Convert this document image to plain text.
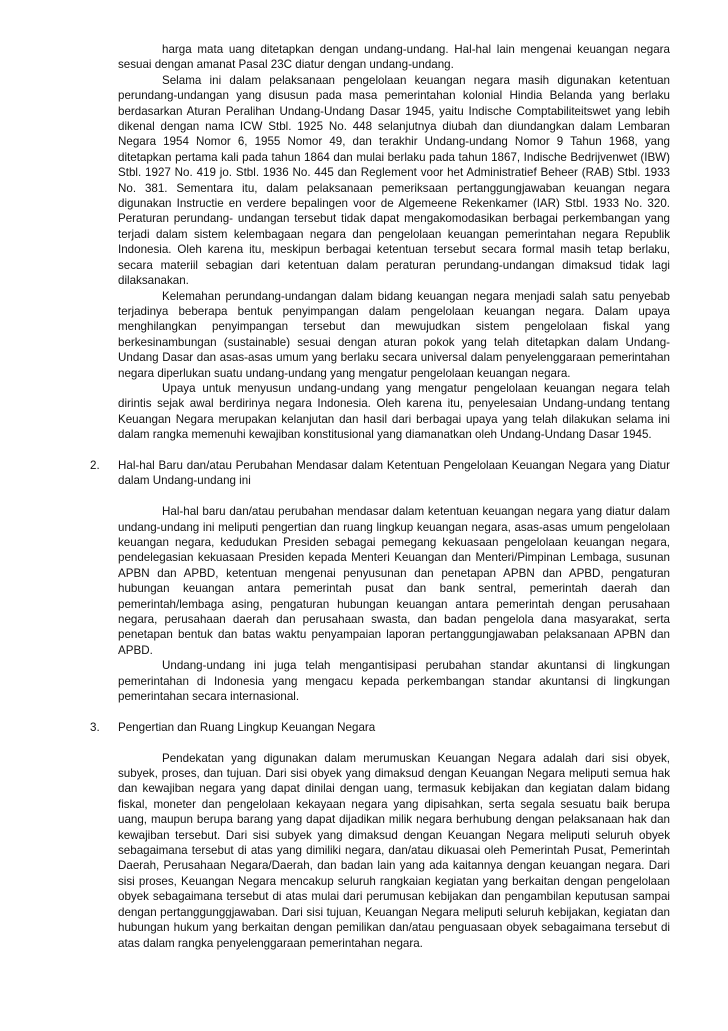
harga mata uang ditetapkan dengan undang-undang. Hal-hal lain mengenai keuangan negara sesuai dengan amanat Pasal 23C diatur dengan undang-undang.

Selama ini dalam pelaksanaan pengelolaan keuangan negara masih digunakan ketentuan perundang-undangan yang disusun pada masa pemerintahan kolonial Hindia Belanda yang berlaku berdasarkan Aturan Peralihan Undang-Undang Dasar 1945, yaitu Indische Comptabiliteitswet yang lebih dikenal dengan nama ICW Stbl. 1925 No. 448 selanjutnya diubah dan diundangkan dalam Lembaran Negara 1954 Nomor 6, 1955 Nomor 49, dan terakhir Undang-undang Nomor 9 Tahun 1968, yang ditetapkan pertama kali pada tahun 1864 dan mulai berlaku pada tahun 1867, Indische Bedrijvenwet (IBW) Stbl. 1927 No. 419 jo. Stbl. 1936 No. 445 dan Reglement voor het Administratief Beheer (RAB) Stbl. 1933 No. 381. Sementara itu, dalam pelaksanaan pemeriksaan pertanggungjawaban keuangan negara digunakan Instructie en verdere bepalingen voor de Algemeene Rekenkamer (IAR) Stbl. 1933 No. 320. Peraturan perundang- undangan tersebut tidak dapat mengakomodasikan berbagai perkembangan yang terjadi dalam sistem kelembagaan negara dan pengelolaan keuangan pemerintahan negara Republik Indonesia. Oleh karena itu, meskipun berbagai ketentuan tersebut secara formal masih tetap berlaku, secara materiil sebagian dari ketentuan dalam peraturan perundang-undangan dimaksud tidak lagi dilaksanakan.

Kelemahan perundang-undangan dalam bidang keuangan negara menjadi salah satu penyebab terjadinya beberapa bentuk penyimpangan dalam pengelolaan keuangan negara. Dalam upaya menghilangkan penyimpangan tersebut dan mewujudkan sistem pengelolaan fiskal yang berkesinambungan (sustainable) sesuai dengan aturan pokok yang telah ditetapkan dalam Undang-Undang Dasar dan asas-asas umum yang berlaku secara universal dalam penyelenggaraan pemerintahan negara diperlukan suatu undang-undang yang mengatur pengelolaan keuangan negara.

Upaya untuk menyusun undang-undang yang mengatur pengelolaan keuangan negara telah dirintis sejak awal berdirinya negara Indonesia. Oleh karena itu, penyelesaian Undang-undang tentang Keuangan Negara merupakan kelanjutan dan hasil dari berbagai upaya yang telah dilakukan selama ini dalam rangka memenuhi kewajiban konstitusional yang diamanatkan oleh Undang-Undang Dasar 1945.

2. Hal-hal Baru dan/atau Perubahan Mendasar dalam Ketentuan Pengelolaan Keuangan Negara yang Diatur dalam Undang-undang ini

Hal-hal baru dan/atau perubahan mendasar dalam ketentuan keuangan negara yang diatur dalam undang-undang ini meliputi pengertian dan ruang lingkup keuangan negara, asas-asas umum pengelolaan keuangan negara, kedudukan Presiden sebagai pemegang kekuasaan pengelolaan keuangan negara, pendelegasian kekuasaan Presiden kepada Menteri Keuangan dan Menteri/Pimpinan Lembaga, susunan APBN dan APBD, ketentuan mengenai penyusunan dan penetapan APBN dan APBD, pengaturan hubungan keuangan antara pemerintah pusat dan bank sentral, pemerintah daerah dan pemerintah/lembaga asing, pengaturan hubungan keuangan antara pemerintah dengan perusahaan negara, perusahaan daerah dan perusahaan swasta, dan badan pengelola dana masyarakat, serta penetapan bentuk dan batas waktu penyampaian laporan pertanggungjawaban pelaksanaan APBN dan APBD.

Undang-undang ini juga telah mengantisipasi perubahan standar akuntansi di lingkungan pemerintahan di Indonesia yang mengacu kepada perkembangan standar akuntansi di lingkungan pemerintahan secara internasional.

3. Pengertian dan Ruang Lingkup Keuangan Negara

Pendekatan yang digunakan dalam merumuskan Keuangan Negara adalah dari sisi obyek, subyek, proses, dan tujuan. Dari sisi obyek yang dimaksud dengan Keuangan Negara meliputi semua hak dan kewajiban negara yang dapat dinilai dengan uang, termasuk kebijakan dan kegiatan dalam bidang fiskal, moneter dan pengelolaan kekayaan negara yang dipisahkan, serta segala sesuatu baik berupa uang, maupun berupa barang yang dapat dijadikan milik negara berhubung dengan pelaksanaan hak dan kewajiban tersebut. Dari sisi subyek yang dimaksud dengan Keuangan Negara meliputi seluruh obyek sebagaimana tersebut di atas yang dimiliki negara, dan/atau dikuasai oleh Pemerintah Pusat, Pemerintah Daerah, Perusahaan Negara/Daerah, dan badan lain yang ada kaitannya dengan keuangan negara. Dari sisi proses, Keuangan Negara mencakup seluruh rangkaian kegiatan yang berkaitan dengan pengelolaan obyek sebagaimana tersebut di atas mulai dari perumusan kebijakan dan pengambilan keputusan sampai dengan pertanggunggjawaban. Dari sisi tujuan, Keuangan Negara meliputi seluruh kebijakan, kegiatan dan hubungan hukum yang berkaitan dengan pemilikan dan/atau penguasaan obyek sebagaimana tersebut di atas dalam rangka penyelenggaraan pemerintahan negara.
